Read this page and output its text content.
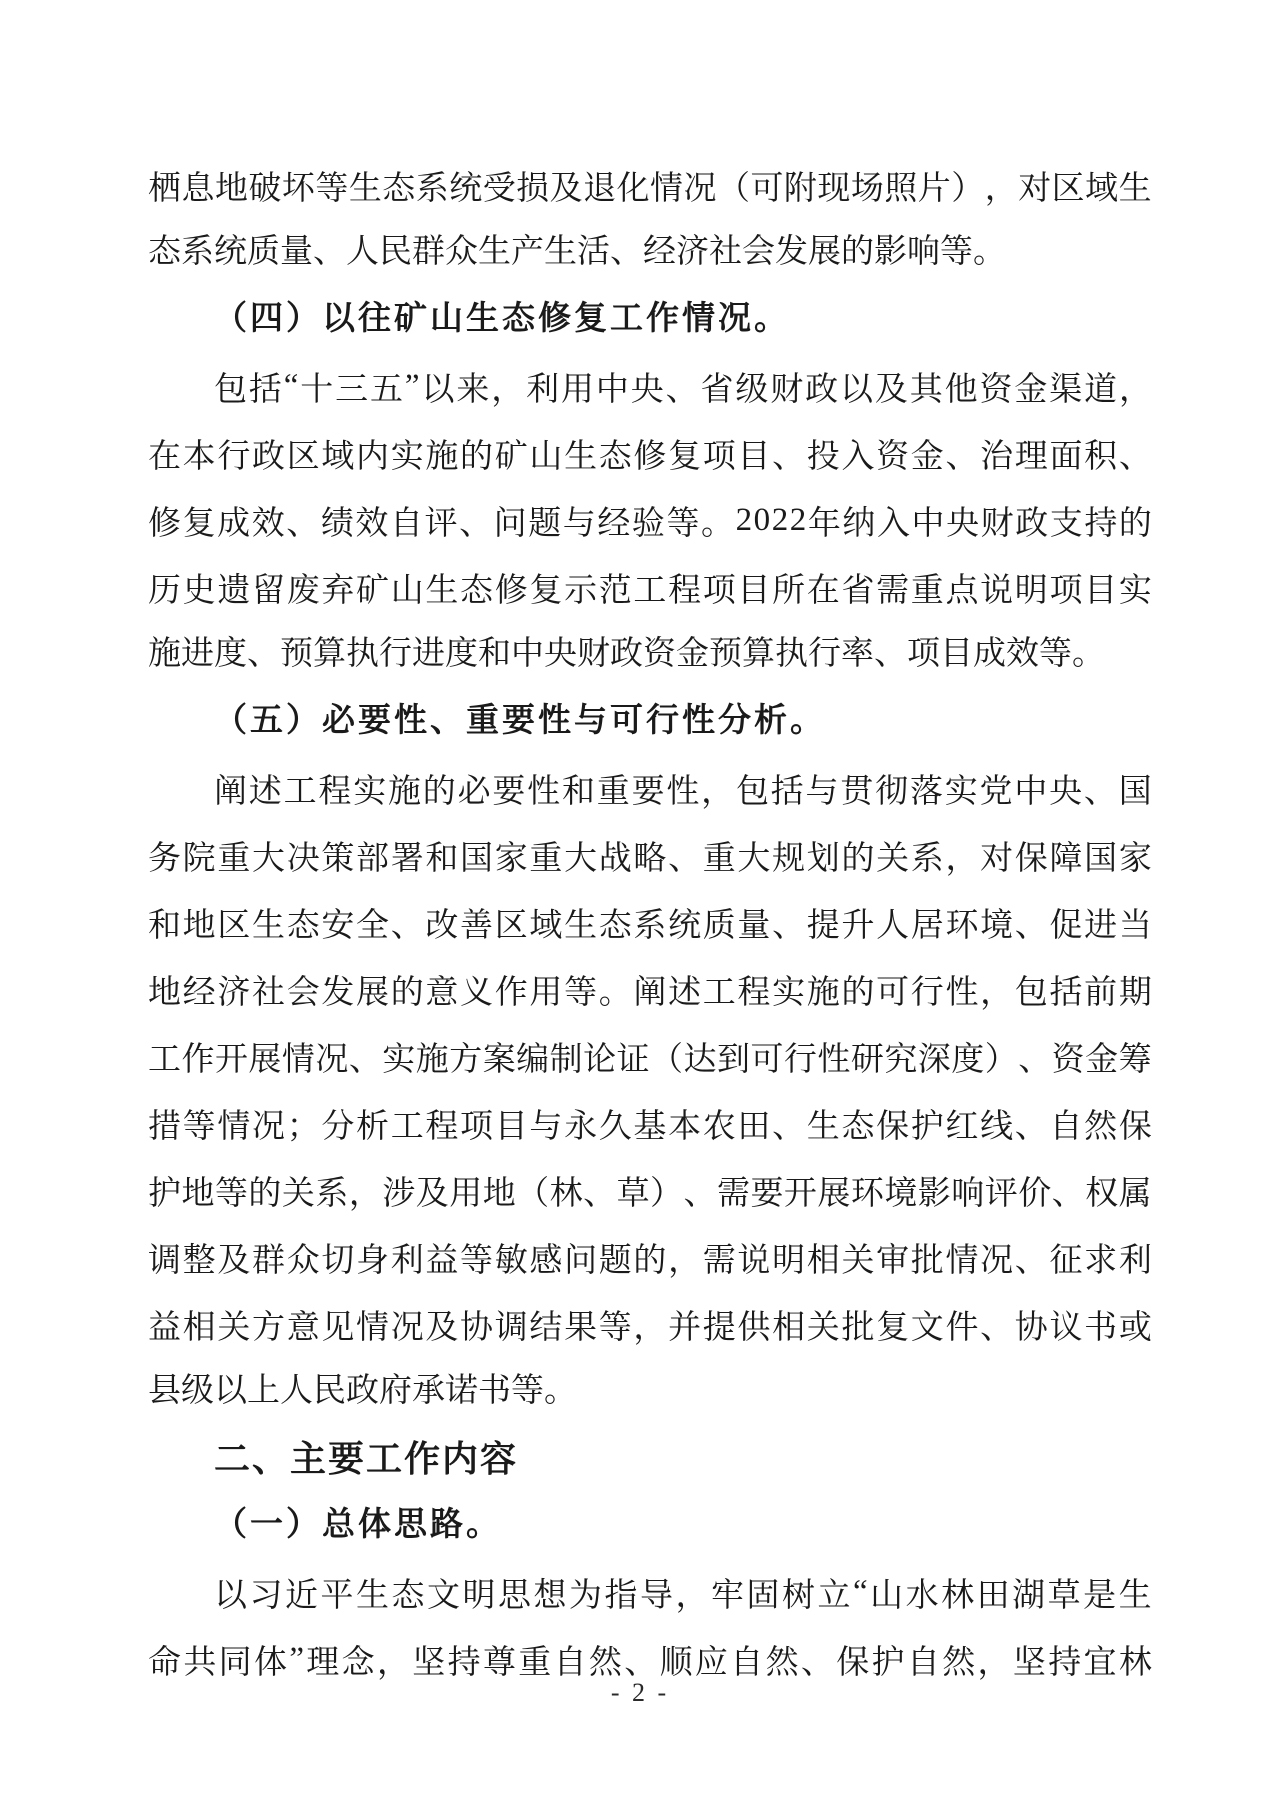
栖 息 地 破 坏 等 生 态 系 统 受 损 及 退 化 情 况 （ 可 附 现 场 照 片 ） ， 对 区 域 生
态系统质量、人民群众生产生活、经济社会发展的影响等。
（四）以往矿山生态修复工作情况。
包 括 “ 十 三 五 ” 以 来 ， 利 用 中 央 、 省 级 财 政 以 及 其 他 资 金 渠 道 ，
在 本 行 政 区 域 内 实 施 的 矿 山 生 态 修 复 项 目 、 投 入 资 金 、 治 理 面 积 、
修 复 成 效 、 绩 效 自 评 、 问 题 与 经 验 等 。 2 0 2 2 年 纳 入 中 央 财 政 支 持 的
历 史 遗 留 废 弃 矿 山 生 态 修 复 示 范 工 程 项 目 所 在 省 需 重 点 说 明 项 目 实
施进度、预算执行进度和中央财政资金预算执行率、项目成效等。
（五）必要性、重要性与可行性分析。
阐 述 工 程 实 施 的 必 要 性 和 重 要 性 ， 包 括 与 贯 彻 落 实 党 中 央 、 国
务 院 重 大 决 策 部 署 和 国 家 重 大 战 略 、 重 大 规 划 的 关 系 ， 对 保 障 国 家
和 地 区 生 态 安 全 、 改 善 区 域 生 态 系 统 质 量 、 提 升 人 居 环 境 、 促 进 当
地 经 济 社 会 发 展 的 意 义 作 用 等 。 阐 述 工 程 实 施 的 可 行 性 ， 包 括 前 期
工 作 开 展 情 况 、 实 施 方 案 编 制 论 证 （ 达 到 可 行 性 研 究 深 度 ） 、 资 金 筹
措 等 情 况 ； 分 析 工 程 项 目 与 永 久 基 本 农 田 、 生 态 保 护 红 线 、 自 然 保
护 地 等 的 关 系 ， 涉 及 用 地 （ 林 、 草 ） 、 需 要 开 展 环 境 影 响 评 价 、 权 属
调 整 及 群 众 切 身 利 益 等 敏 感 问 题 的 ， 需 说 明 相 关 审 批 情 况 、 征 求 利
益 相 关 方 意 见 情 况 及 协 调 结 果 等 ， 并 提 供 相 关 批 复 文 件 、 协 议 书 或
县级以上人民政府承诺书等。
二、主要工作内容
（一）总体思路。
以 习 近 平 生 态 文 明 思 想 为 指 导 ， 牢 固 树 立 “ 山 水 林 田 湖 草 是 生
命 共 同 体 ” 理 念 ， 坚 持 尊 重 自 然 、 顺 应 自 然 、 保 护 自 然 ， 坚 持 宜 林
- 2 -
